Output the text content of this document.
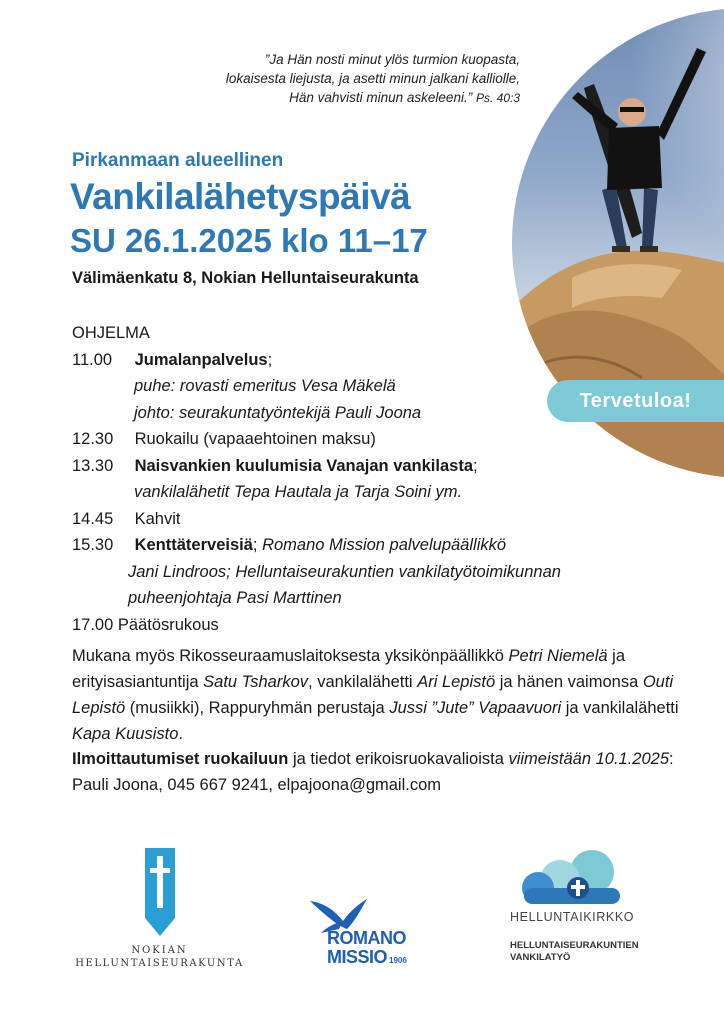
”Ja Hän nosti minut ylös turmion kuopasta,
lokaisesta liejusta, ja asetti minun jalkani kalliolle,
Hän vahvisti minun askeleeni.” Ps. 40:3
Tervetuloa!
Pirkanmaan alueellinen
Vankilalähetyspäivä
SU 26.1.2025 klo 11–17
Välimäenkatu 8, Nokian Helluntaiseurakunta
OHJELMA
11.00 Jumalanpalvelus;
puhe: rovasti emeritus Vesa Mäkelä
johto: seurakuntatyöntekijä Pauli Joona
12.30 Ruokailu (vapaaehtoinen maksu)
13.30 Naisvankien kuulumisia Vanajan vankilasta;
vankilalähetit Tepa Hautala ja Tarja Soini ym.
14.45 Kahvit
15.30 Kenttäterveisiä; Romano Mission palvelupäällikkö
Jani Lindroos; Helluntaiseurakuntien vankilatyötoimikunnan
puheenjohtaja Pasi Marttinen
17.00 Päätösrukous
Mukana myös Rikosseuraamuslaitoksesta yksikönpäällikkö Petri Niemelä ja erityisasiantuntija Satu Tsharkov, vankilalähetti Ari Lepistö ja hänen vaimonsa Outi Lepistö (musiikki), Rappuryhmän perustaja Jussi ”Jute” Vapaavuori ja vankilalähetti Kapa Kuusisto.
Ilmoittautumiset ruokailuun ja tiedot erikoisruokavalioista viimeistään 10.1.2025: Pauli Joona, 045 667 9241, elpajoona@gmail.com
NOKIAN
HELLUNTAISEURAKUNTA
ROMANO
MISSIO 1906
HELLUNTAIKIRKKO
HELLUNTAISEURAKUNTIEN
VANKILATYÖ
